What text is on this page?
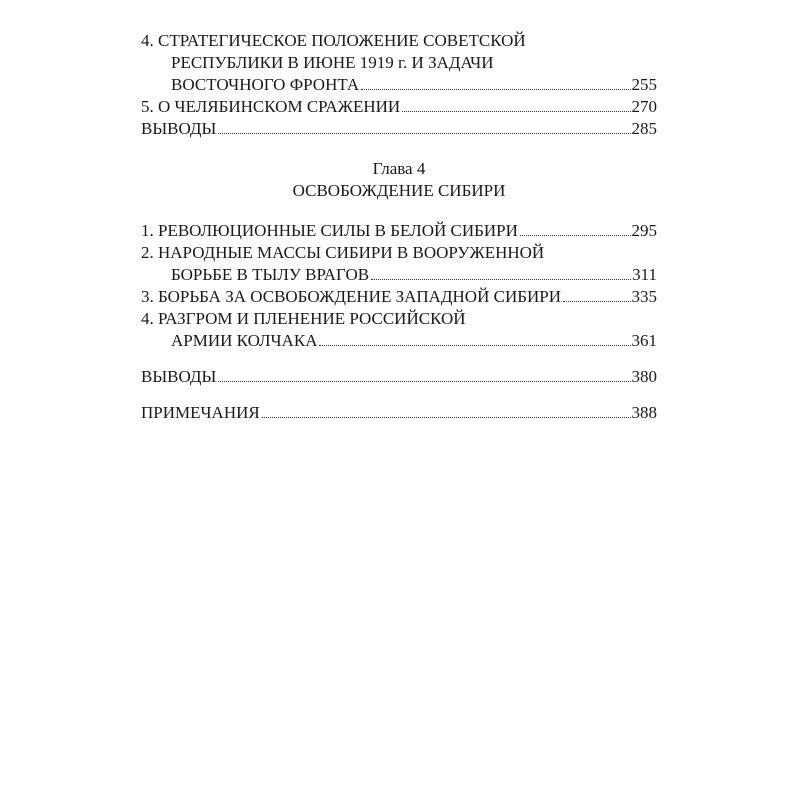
4. СТРАТЕГИЧЕСКОЕ ПОЛОЖЕНИЕ СОВЕТСКОЙ
РЕСПУБЛИКИ В ИЮНЕ 1919 г. И ЗАДАЧИ
ВОСТОЧНОГО ФРОНТА	255
5. О ЧЕЛЯБИНСКОМ СРАЖЕНИИ	270
ВЫВОДЫ	285
Глава 4
ОСВОБОЖДЕНИЕ СИБИРИ
1. РЕВОЛЮЦИОННЫЕ СИЛЫ В БЕЛОЙ СИБИРИ	295
2. НАРОДНЫЕ МАССЫ СИБИРИ В ВООРУЖЕННОЙ
БОРЬБЕ В ТЫЛУ ВРАГОВ	311
3. БОРЬБА ЗА ОСВОБОЖДЕНИЕ ЗАПАДНОЙ СИБИРИ	335
4. РАЗГРОМ И ПЛЕНЕНИЕ РОССИЙСКОЙ
АРМИИ КОЛЧАКА	361
ВЫВОДЫ	380
ПРИМЕЧАНИЯ	388
